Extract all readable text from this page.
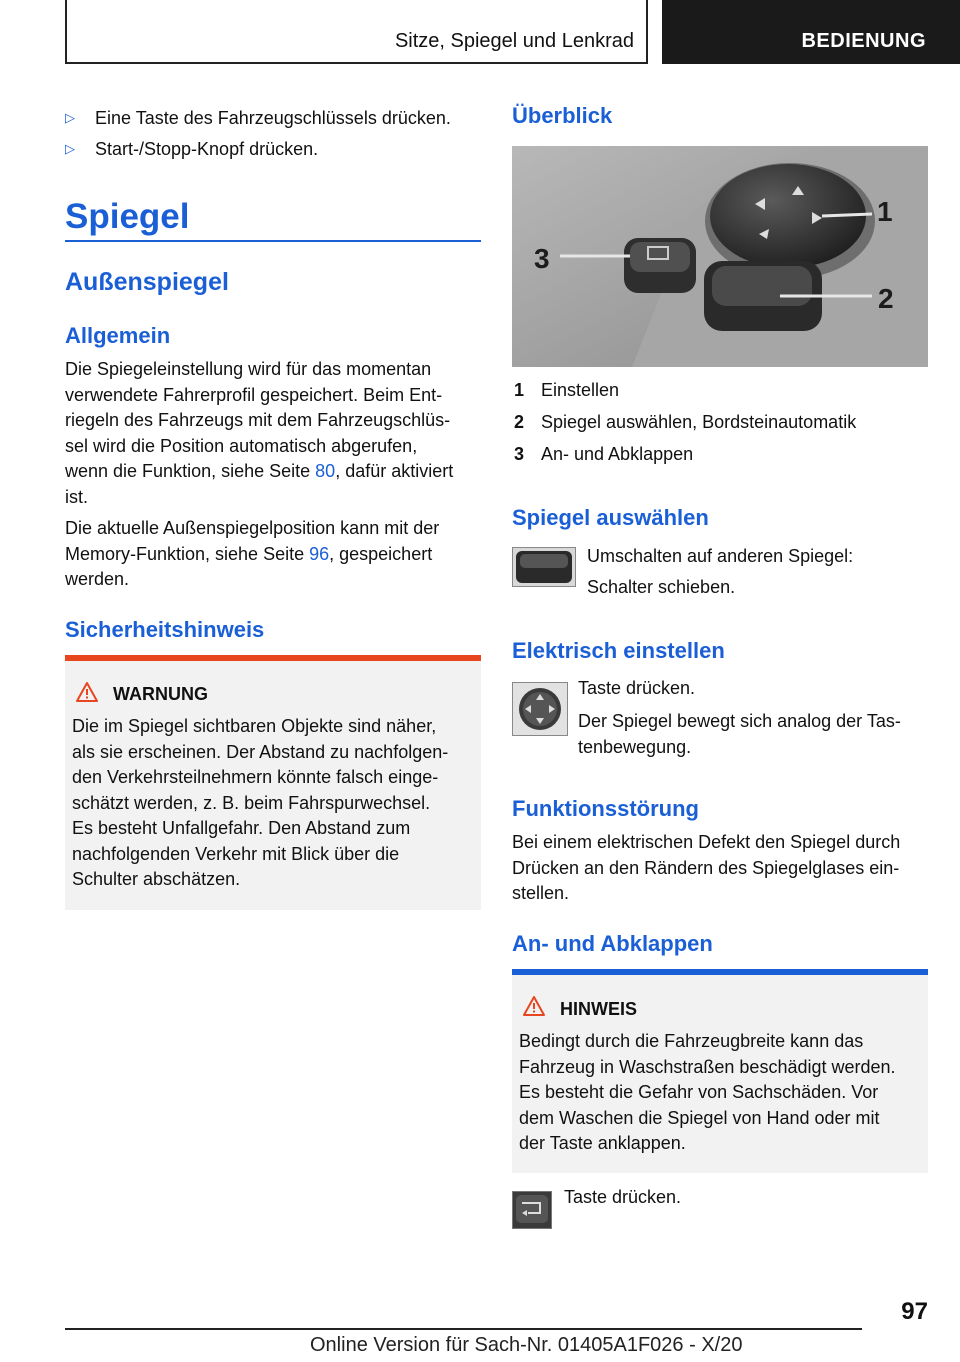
Sitze, Spiegel und Lenkrad	BEDIENUNG
▷ Eine Taste des Fahrzeugschlüssels drücken.
▷ Start-/Stopp-Knopf drücken.
Spiegel
Außenspiegel
Allgemein
Die Spiegeleinstellung wird für das momentan
verwendete Fahrerprofil gespeichert. Beim Ent-
riegeln des Fahrzeugs mit dem Fahrzeugschlüs-
sel wird die Position automatisch abgerufen,
wenn die Funktion, siehe Seite 80, dafür aktiviert
ist.
Die aktuelle Außenspiegelposition kann mit der
Memory-Funktion, siehe Seite 96, gespeichert
werden.
Sicherheitshinweis
WARNUNG
Die im Spiegel sichtbaren Objekte sind näher,
als sie erscheinen. Der Abstand zu nachfolgen-
den Verkehrsteilnehmern könnte falsch einge-
schätzt werden, z. B. beim Fahrspurwechsel.
Es besteht Unfallgefahr. Den Abstand zum
nachfolgenden Verkehr mit Blick über die
Schulter abschätzen.
Überblick
1
2
3
1 Einstellen
2 Spiegel auswählen, Bordsteinautomatik
3 An- und Abklappen
Spiegel auswählen
Umschalten auf anderen Spiegel:
Schalter schieben.
Elektrisch einstellen
Taste drücken.
Der Spiegel bewegt sich analog der Tas-
tenbewegung.
Funktionsstörung
Bei einem elektrischen Defekt den Spiegel durch
Drücken an den Rändern des Spiegelglases ein-
stellen.
An- und Abklappen
HINWEIS
Bedingt durch die Fahrzeugbreite kann das
Fahrzeug in Waschstraßen beschädigt werden.
Es besteht die Gefahr von Sachschäden. Vor
dem Waschen die Spiegel von Hand oder mit
der Taste anklappen.
Taste drücken.
97
Online Version für Sach-Nr. 01405A1F026 - X/20
